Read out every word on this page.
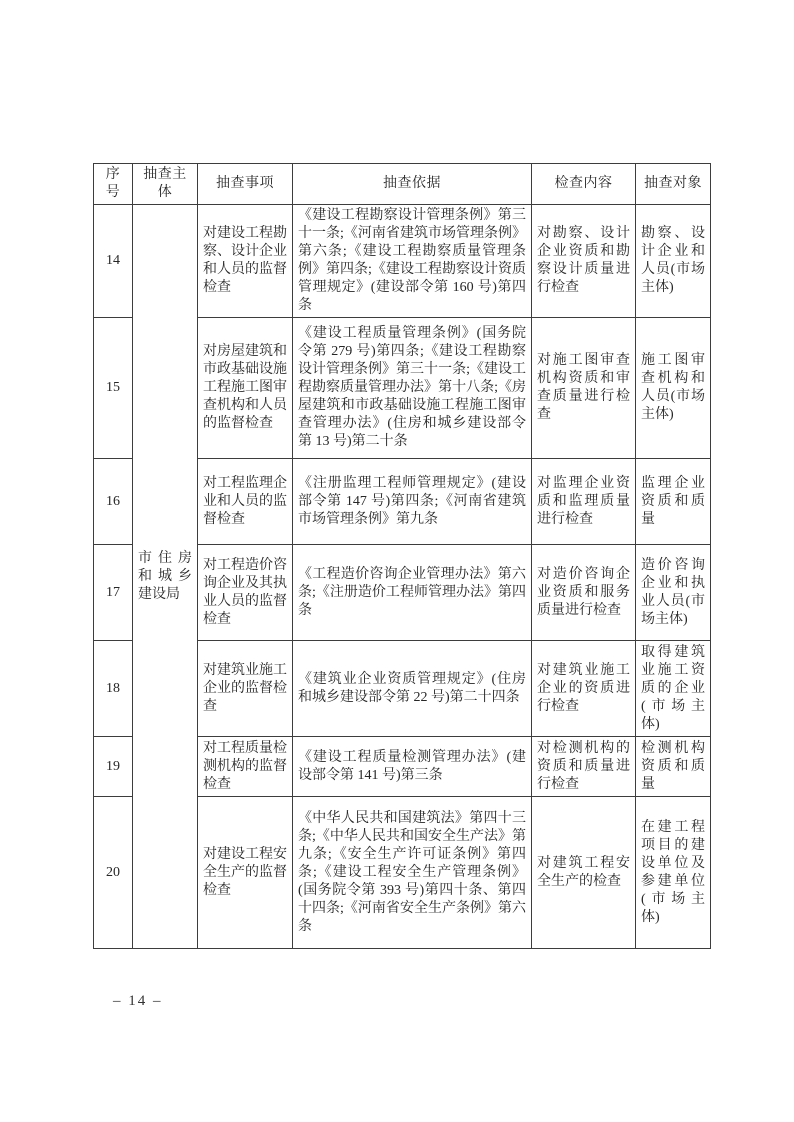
序号	抽查主体	抽查事项	抽查依据	检查内容	抽查对象
14	市住房和城乡建设局	对建设工程勘察、设计企业和人员的监督检查	《建设工程勘察设计管理条例》第三十一条;《河南省建筑市场管理条例》第六条;《建设工程勘察质量管理条例》第四条;《建设工程勘察设计资质管理规定》(建设部令第 160 号)第四条	对勘察、设计企业资质和勘察设计质量进行检查	勘察、设计企业和人员(市场主体)
15		对房屋建筑和市政基础设施工程施工图审查机构和人员的监督检查	《建设工程质量管理条例》(国务院令第 279 号)第四条;《建设工程勘察设计管理条例》第三十一条;《建设工程勘察质量管理办法》第十八条;《房屋建筑和市政基础设施工程施工图审查管理办法》(住房和城乡建设部令第 13 号)第二十条	对施工图审查机构资质和审查质量进行检查	施工图审查机构和人员(市场主体)
16		对工程监理企业和人员的监督检查	《注册监理工程师管理规定》(建设部令第 147 号)第四条;《河南省建筑市场管理条例》第九条	对监理企业资质和监理质量进行检查	监理企业资质和质量
17		对工程造价咨询企业及其执业人员的监督检查	《工程造价咨询企业管理办法》第六条;《注册造价工程师管理办法》第四条	对造价咨询企业资质和服务质量进行检查	造价咨询企业和执业人员(市场主体)
18		对建筑业施工企业的监督检查	《建筑业企业资质管理规定》(住房和城乡建设部令第 22 号)第二十四条	对建筑业施工企业的资质进行检查	取得建筑业施工资质的企业(市场主体)
19		对工程质量检测机构的监督检查	《建设工程质量检测管理办法》(建设部令第 141 号)第三条	对检测机构的资质和质量进行检查	检测机构资质和质量
20		对建设工程安全生产的监督检查	《中华人民共和国建筑法》第四十三条;《中华人民共和国安全生产法》第九条;《安全生产许可证条例》第四条;《建设工程安全生产管理条例》(国务院令第 393 号)第四十条、第四十四条;《河南省安全生产条例》第六条	对建筑工程安全生产的检查	在建工程项目的建设单位及参建单位(市场主体)
– 14 –
